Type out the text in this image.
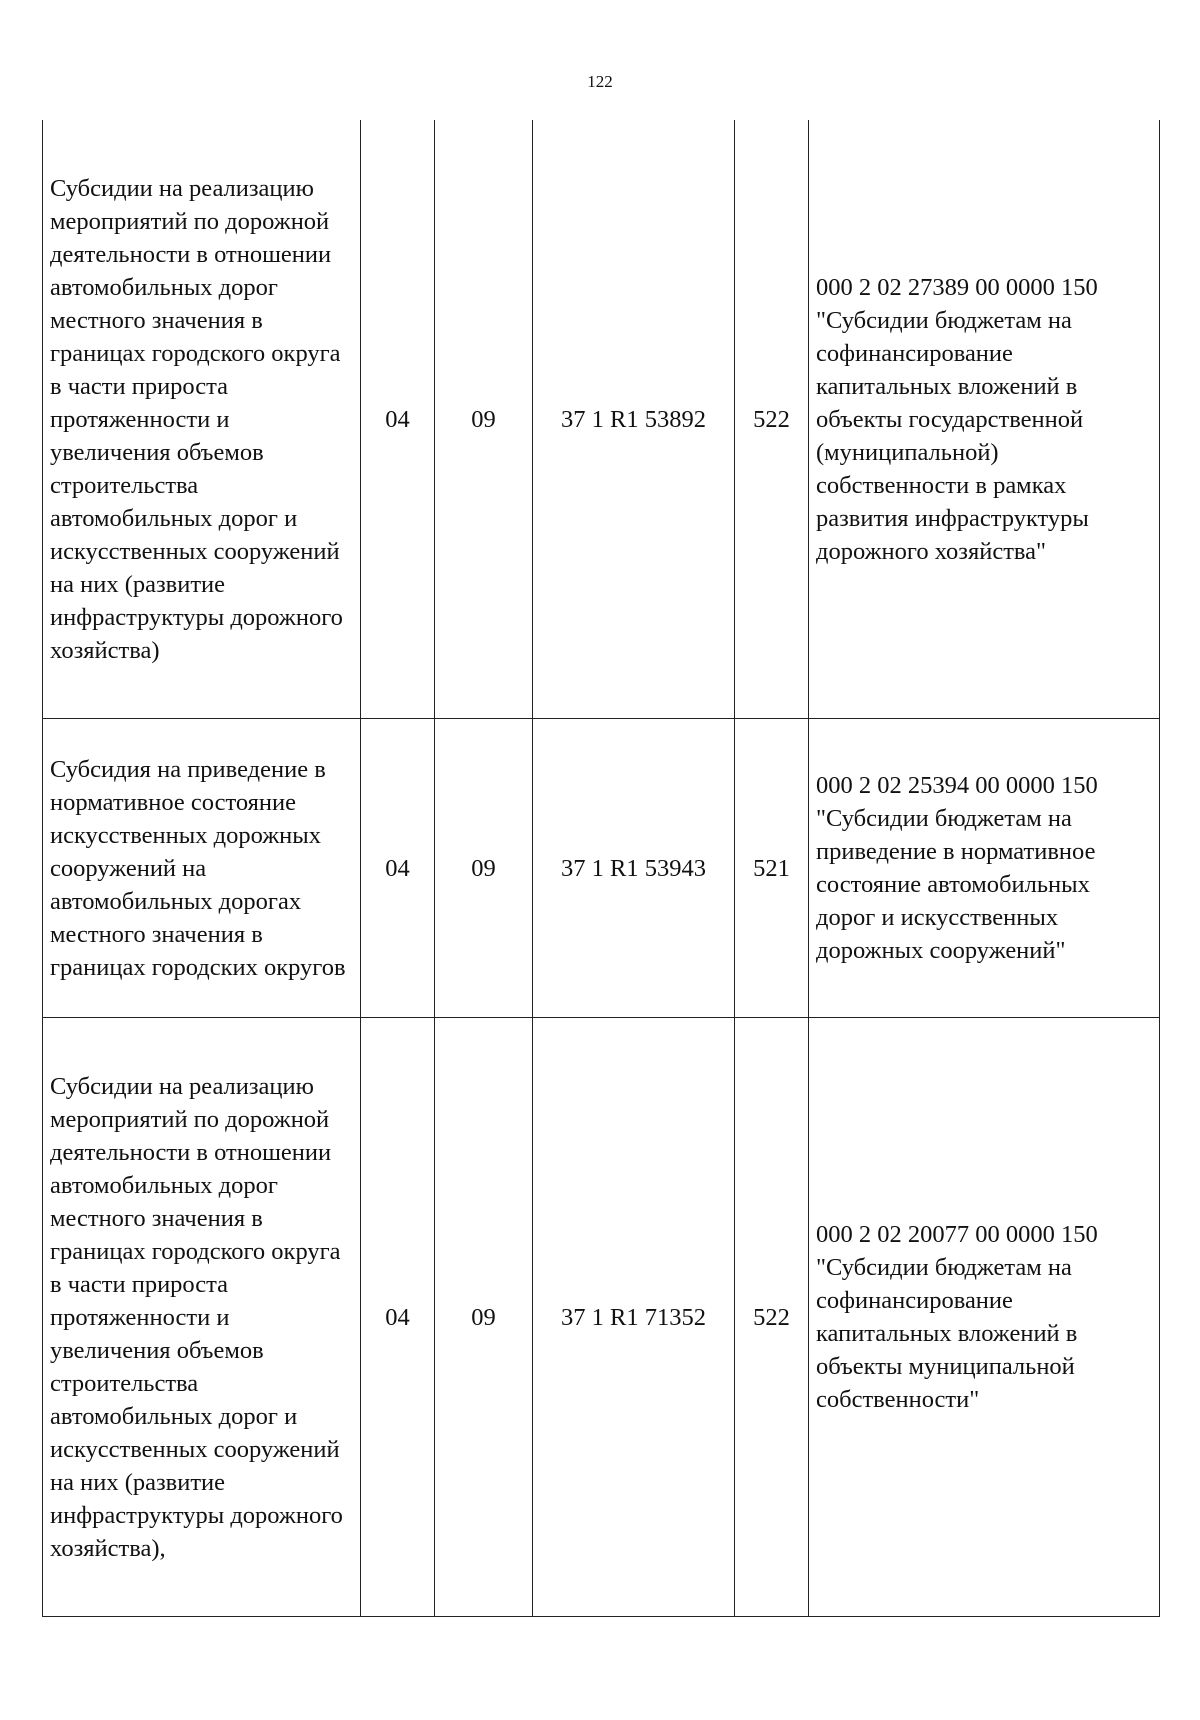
122
Субсидии на реализацию мероприятий по дорожной деятельности в отношении автомобильных дорог местного значения в границах городского округа в части прироста протяженности и увеличения объемов строительства автомобильных дорог и искусственных сооружений на них (развитие инфраструктуры дорожного хозяйства)	04	09	37 1 R1 53892	522	000 2 02 27389 00 0000 150 "Субсидии бюджетам на софинансирование капитальных вложений в объекты государственной (муниципальной) собственности в рамках развития инфраструктуры дорожного хозяйства"
Субсидия на приведение в нормативное состояние искусственных дорожных сооружений на автомобильных дорогах местного значения в границах городских округов	04	09	37 1 R1 53943	521	000 2 02 25394 00 0000 150 "Субсидии бюджетам на приведение в нормативное состояние автомобильных дорог и искусственных дорожных сооружений"
Субсидии на реализацию мероприятий по дорожной деятельности в отношении автомобильных дорог местного значения в границах городского округа в части прироста протяженности и увеличения объемов строительства автомобильных дорог и искусственных сооружений на них (развитие инфраструктуры дорожного хозяйства),	04	09	37 1 R1 71352	522	000 2 02 20077 00 0000 150 "Субсидии бюджетам на софинансирование капитальных вложений в объекты муниципальной собственности"
